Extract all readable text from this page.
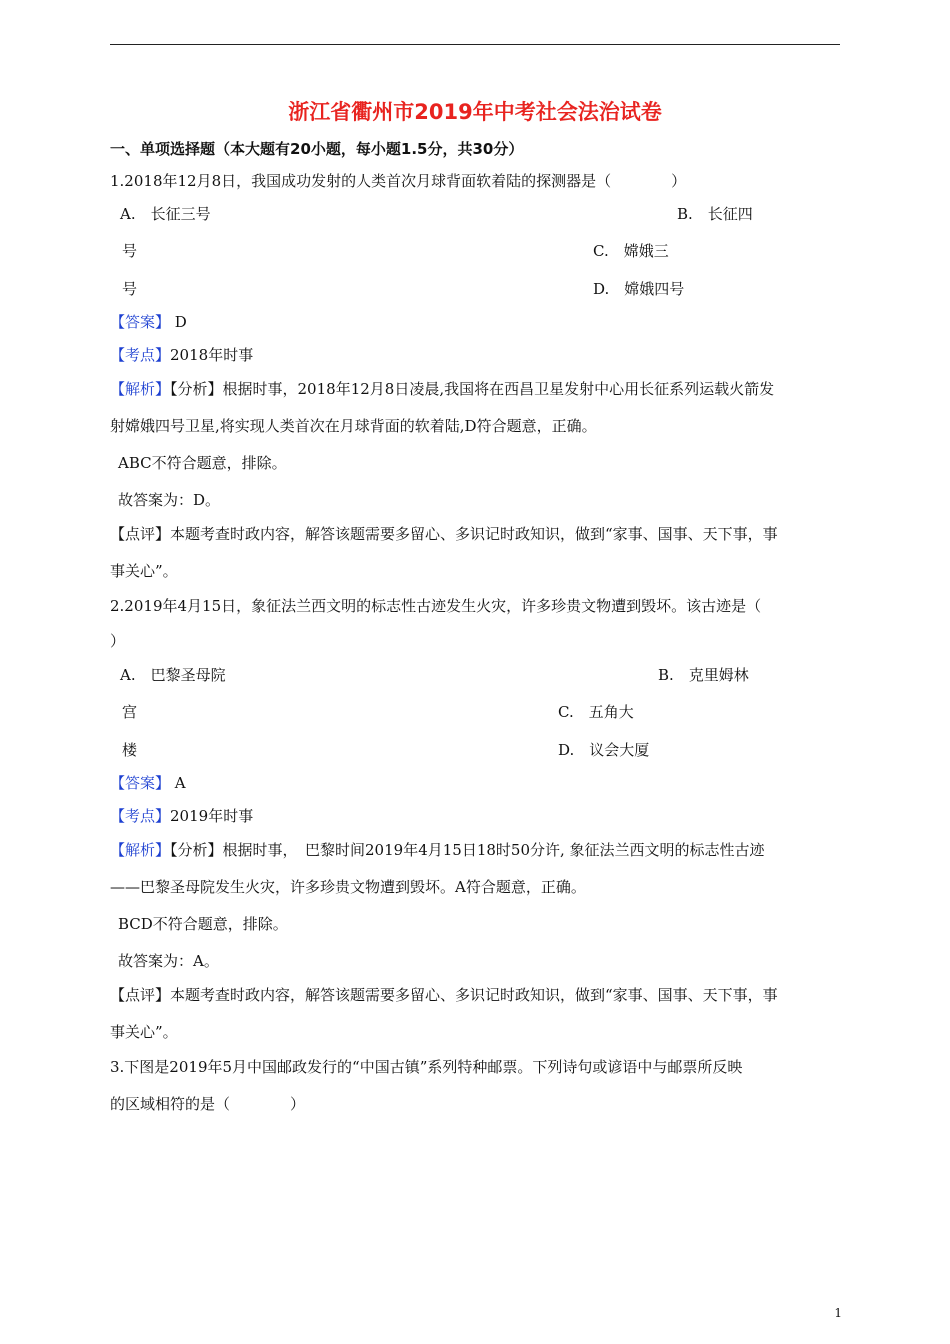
浙江省衢州市2019年中考社会法治试卷
一、单项选择题（本大题有20小题，每小题1.5分，共30分）
1.2018年12月8日，我国成功发射的人类首次月球背面软着陆的探测器是（　　　　）
A.　长征三号	B.　长征四
号	C.　嫦娥三
号	D.　嫦娥四号
【答案】 D
【考点】2018年时事
【解析】【分析】根据时事，2018年12月8日凌晨,我国将在西昌卫星发射中心用长征系列运载火箭发
射嫦娥四号卫星,将实现人类首次在月球背面的软着陆,D符合题意，正确。
ABC不符合题意，排除。
故答案为：D。
【点评】本题考查时政内容，解答该题需要多留心、多识记时政知识，做到“家事、国事、天下事，事
事关心”。
2.2019年4月15日，象征法兰西文明的标志性古迹发生火灾，许多珍贵文物遭到毁坏。该古迹是（
）
A.　巴黎圣母院	B.　克里姆林
宫	C.　五角大
楼	D.　议会大厦
【答案】 A
【考点】2019年时事
【解析】【分析】根据时事，　巴黎时间2019年4月15日18时50分许, 象征法兰西文明的标志性古迹
——巴黎圣母院发生火灾，许多珍贵文物遭到毁坏。A符合题意，正确。
BCD不符合题意，排除。
故答案为：A。
【点评】本题考查时政内容，解答该题需要多留心、多识记时政知识，做到“家事、国事、天下事，事
事关心”。
3.下图是2019年5月中国邮政发行的“中国古镇”系列特种邮票。下列诗句或谚语中与邮票所反映
的区域相符的是（　　　　）
1
